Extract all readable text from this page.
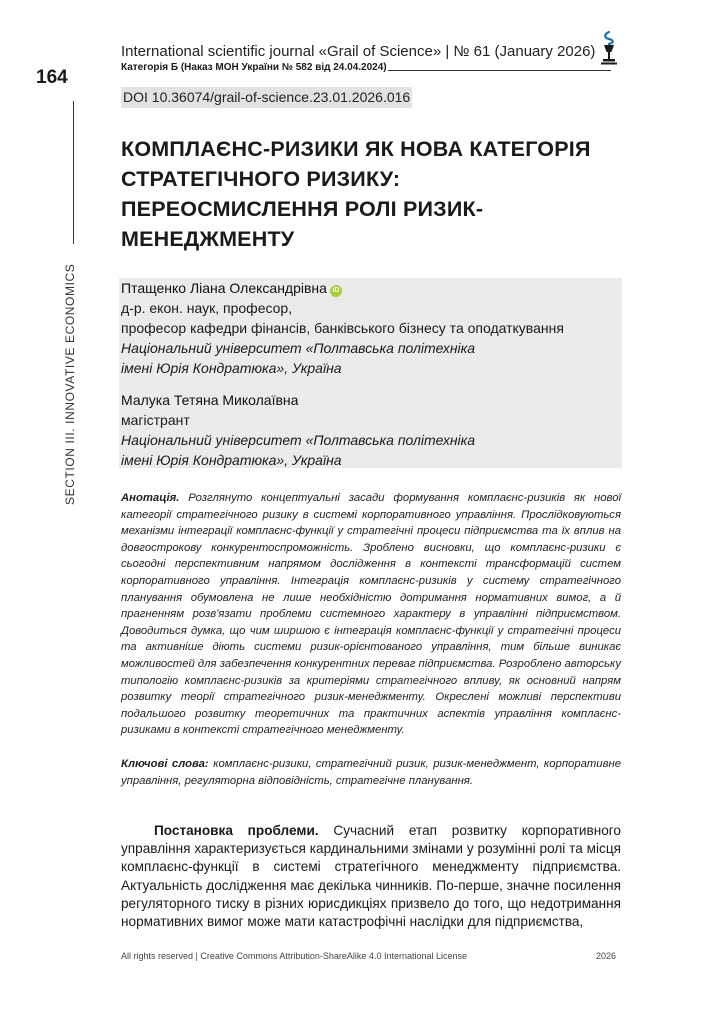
164
SECTION III. INNOVATIVE ECONOMICS
International scientific journal «Grail of Science» | № 61 (January 2026)
Категорія Б (Наказ МОН України № 582 від 24.04.2024)
DOI 10.36074/grail-of-science.23.01.2026.016
КОМПЛАЄНС-РИЗИКИ ЯК НОВА КАТЕГОРІЯ СТРАТЕГІЧНОГО РИЗИКУ: ПЕРЕОСМИСЛЕННЯ РОЛІ РИЗИК-МЕНЕДЖМЕНТУ
Птащенко Ліана Олександрівна iD
д-р. екон. наук, професор,
професор кафедри фінансів, банківського бізнесу та оподаткування
Національний університет «Полтавська політехніка
імені Юрія Кондратюка», Україна
Малука Тетяна Миколаївна
магістрант
Національний університет «Полтавська політехніка
імені Юрія Кондратюка», Україна
Анотація. Розглянуто концептуальні засади формування комплаєнс-ризиків як нової категорії стратегічного ризику в системі корпоративного управління. Прослідковуються механізми інтеграції комплаєнс-функції у стратегічні процеси підприємства та їх вплив на довгострокову конкурентоспроможність. Зроблено висновки, що комплаєнс-ризики є сьогодні перспективним напрямом дослідження в контексті трансформацій систем корпоративного управління. Інтеграція комплаєнс-ризиків у систему стратегічного планування обумовлена не лише необхідністю дотримання нормативних вимог, а й прагненням розв'язати проблеми системного характеру в управлінні підприємством. Доводиться думка, що чим ширшою є інтеграція комплаєнс-функції у стратегічні процеси та активніше діють системи ризик-орієнтованого управління, тим більше виникає можливостей для забезпечення конкурентних переваг підприємства. Розроблено авторську типологію комплаєнс-ризиків за критеріями стратегічного впливу, як основний напрям розвитку теорії стратегічного ризик-менеджменту. Окреслені можливі перспективи подальшого розвитку теоретичних та практичних аспектів управління комплаєнс-ризиками в контексті стратегічного менеджменту.
Ключові слова: комплаєнс-ризики, стратегічний ризик, ризик-менеджмент, корпоративне управління, регуляторна відповідність, стратегічне планування.
Постановка проблеми. Сучасний етап розвитку корпоративного управління характеризується кардинальними змінами у розумінні ролі та місця комплаєнс-функції в системі стратегічного менеджменту підприємства. Актуальність дослідження має декілька чинників. По-перше, значне посилення регуляторного тиску в різних юрисдикціях призвело до того, що недотримання нормативних вимог може мати катастрофічні наслідки для підприємства,
All rights reserved | Creative Commons Attribution-ShareAlike 4.0 International License	2026
